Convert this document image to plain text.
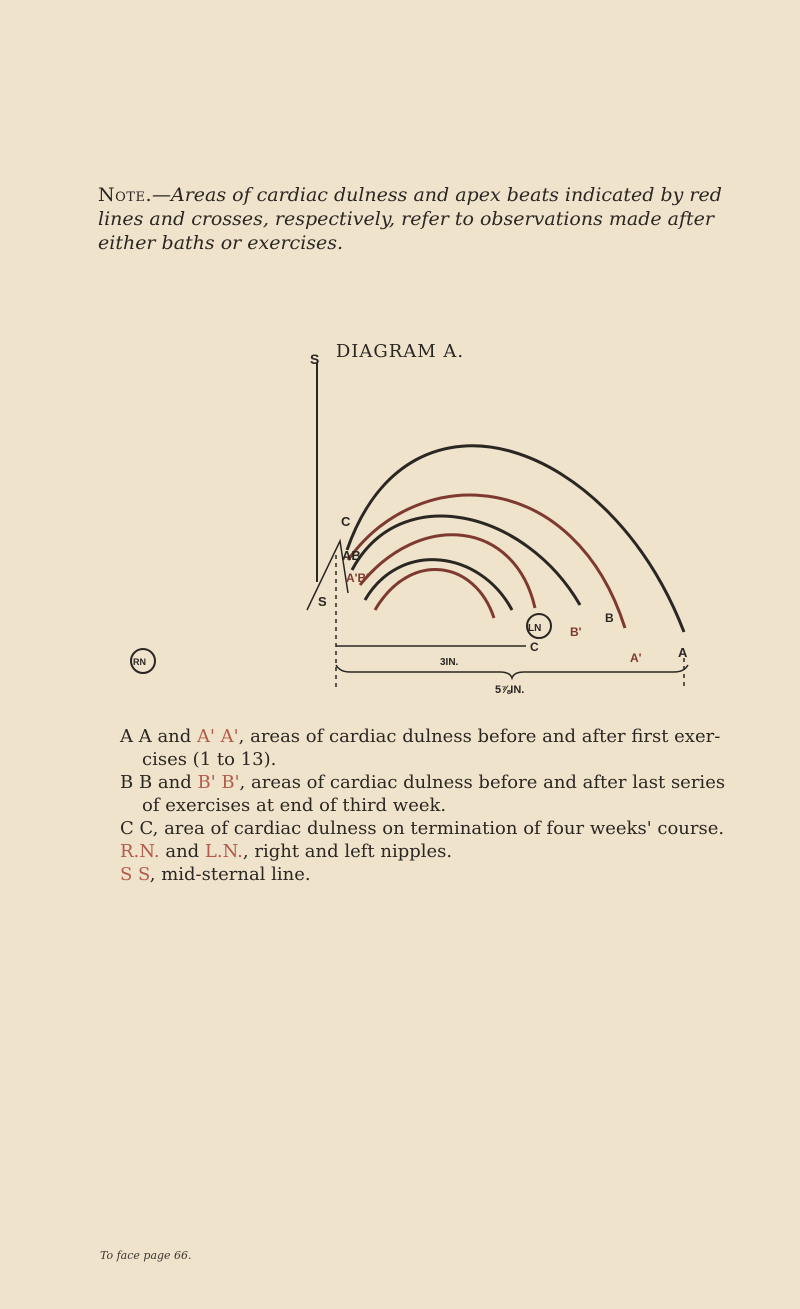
Note.—Areas of cardiac dulness and apex beats indicated by red lines and crosses, respectively, refer to observations made after either baths or exercises.
DIAGRAM A.
S
S
C
AB
A'B'
LN
RN
B
B'
A
A'
C
3IN.
5⅞IN.

A A and A' A', areas of cardiac dulness before and after first exer-

cises (1 to 13).

B B and B' B', areas of cardiac dulness before and after last series

of exercises at end of third week.

C C, area of cardiac dulness on termination of four weeks' course.

R.N. and L.N., right and left nipples.

S S, mid-sternal line.

To face page 66.
